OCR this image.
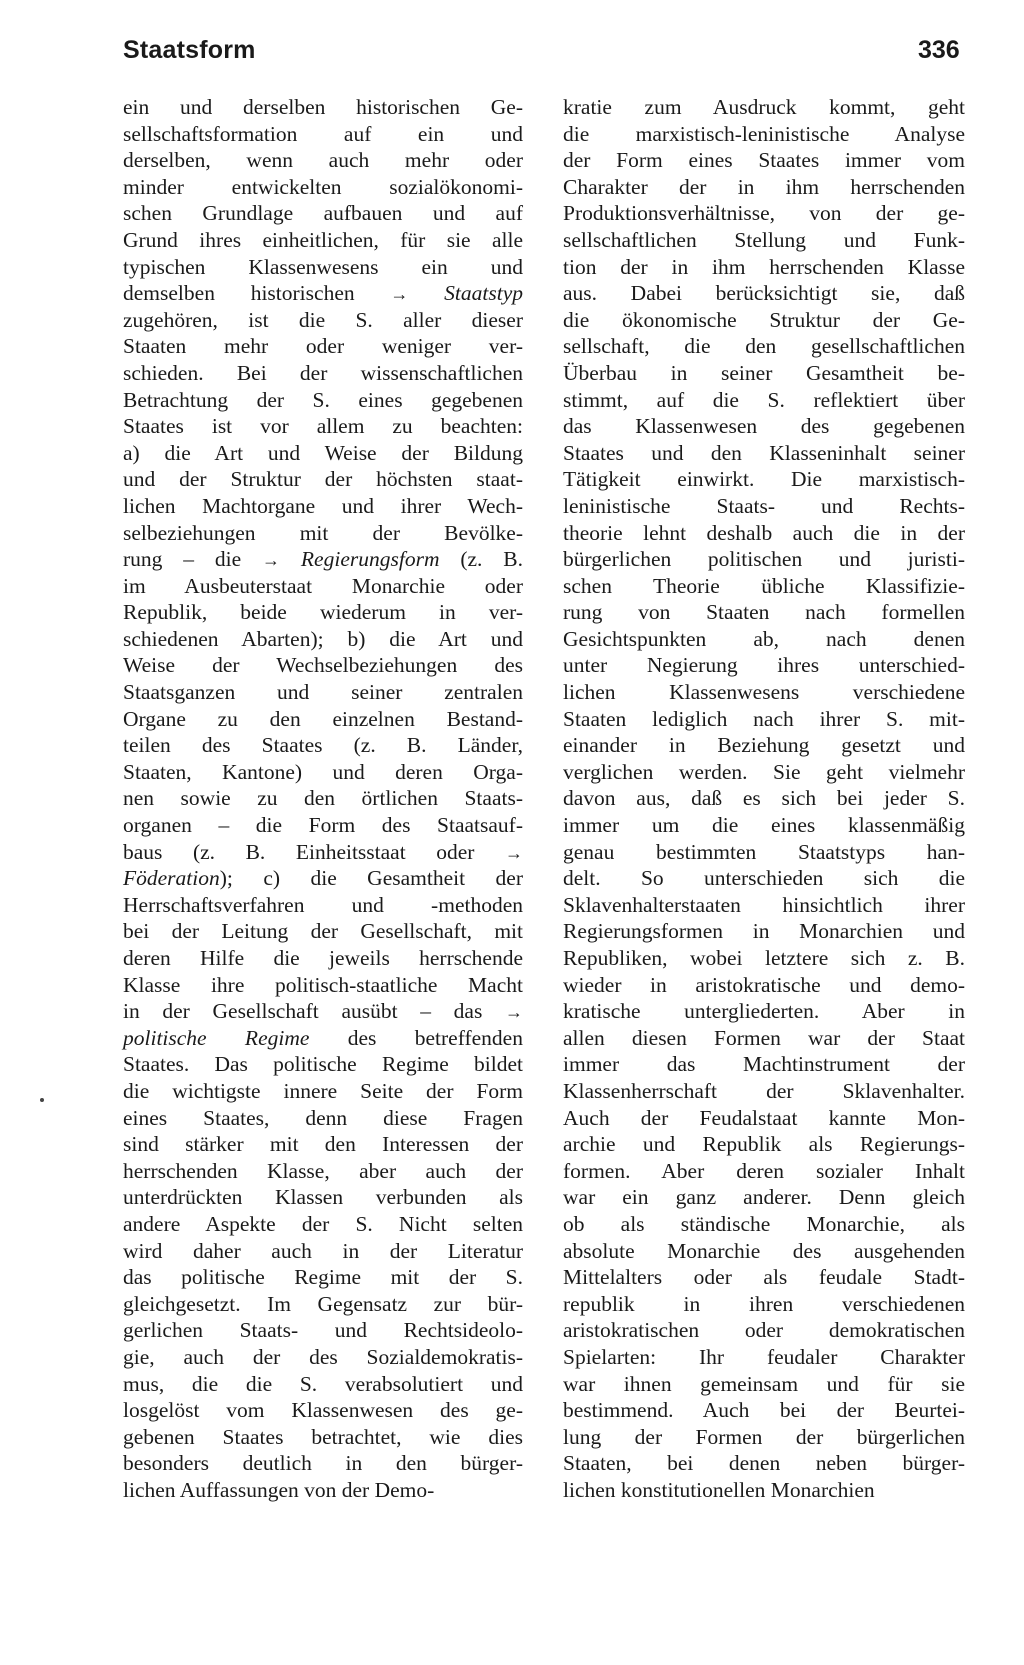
Staatsform	336
ein und derselben historischen Ge-
sellschaftsformation auf ein und
derselben, wenn auch mehr oder
minder entwickelten sozialökonomi-
schen Grundlage aufbauen und auf
Grund ihres einheitlichen, für sie alle
typischen Klassenwesens ein und
demselben historischen → Staatstyp
zugehören, ist die S. aller dieser
Staaten mehr oder weniger ver-
schieden. Bei der wissenschaftlichen
Betrachtung der S. eines gegebenen
Staates ist vor allem zu beachten:
a) die Art und Weise der Bildung
und der Struktur der höchsten staat-
lichen Machtorgane und ihrer Wech-
selbeziehungen mit der Bevölke-
rung – die → Regierungsform (z. B.
im Ausbeuterstaat Monarchie oder
Republik, beide wiederum in ver-
schiedenen Abarten); b) die Art und
Weise der Wechselbeziehungen des
Staatsganzen und seiner zentralen
Organe zu den einzelnen Bestand-
teilen des Staates (z. B. Länder,
Staaten, Kantone) und deren Orga-
nen sowie zu den örtlichen Staats-
organen – die Form des Staatsauf-
baus (z. B. Einheitsstaat oder →
Föderation); c) die Gesamtheit der
Herrschaftsverfahren und -methoden
bei der Leitung der Gesellschaft, mit
deren Hilfe die jeweils herrschende
Klasse ihre politisch-staatliche Macht
in der Gesellschaft ausübt – das →
politische Regime des betreffenden
Staates. Das politische Regime bildet
die wichtigste innere Seite der Form
eines Staates, denn diese Fragen
sind stärker mit den Interessen der
herrschenden Klasse, aber auch der
unterdrückten Klassen verbunden als
andere Aspekte der S. Nicht selten
wird daher auch in der Literatur
das politische Regime mit der S.
gleichgesetzt. Im Gegensatz zur bür-
gerlichen Staats- und Rechtsideolo-
gie, auch der des Sozialdemokratis-
mus, die die S. verabsolutiert und
losgelöst vom Klassenwesen des ge-
gebenen Staates betrachtet, wie dies
besonders deutlich in den bürger-
lichen Auffassungen von der Demo-
kratie zum Ausdruck kommt, geht
die marxistisch-leninistische Analyse
der Form eines Staates immer vom
Charakter der in ihm herrschenden
Produktionsverhältnisse, von der ge-
sellschaftlichen Stellung und Funk-
tion der in ihm herrschenden Klasse
aus. Dabei berücksichtigt sie, daß
die ökonomische Struktur der Ge-
sellschaft, die den gesellschaftlichen
Überbau in seiner Gesamtheit be-
stimmt, auf die S. reflektiert über
das Klassenwesen des gegebenen
Staates und den Klasseninhalt seiner
Tätigkeit einwirkt. Die marxistisch-
leninistische Staats- und Rechts-
theorie lehnt deshalb auch die in der
bürgerlichen politischen und juristi-
schen Theorie übliche Klassifizie-
rung von Staaten nach formellen
Gesichtspunkten ab, nach denen
unter Negierung ihres unterschied-
lichen Klassenwesens verschiedene
Staaten lediglich nach ihrer S. mit-
einander in Beziehung gesetzt und
verglichen werden. Sie geht vielmehr
davon aus, daß es sich bei jeder S.
immer um die eines klassenmäßig
genau bestimmten Staatstyps han-
delt. So unterschieden sich die
Sklavenhalterstaaten hinsichtlich ihrer
Regierungsformen in Monarchien und
Republiken, wobei letztere sich z. B.
wieder in aristokratische und demo-
kratische untergliederten. Aber in
allen diesen Formen war der Staat
immer das Machtinstrument der
Klassenherrschaft der Sklavenhalter.
Auch der Feudalstaat kannte Mon-
archie und Republik als Regierungs-
formen. Aber deren sozialer Inhalt
war ein ganz anderer. Denn gleich
ob als ständische Monarchie, als
absolute Monarchie des ausgehenden
Mittelalters oder als feudale Stadt-
republik in ihren verschiedenen
aristokratischen oder demokratischen
Spielarten: Ihr feudaler Charakter
war ihnen gemeinsam und für sie
bestimmend. Auch bei der Beurtei-
lung der Formen der bürgerlichen
Staaten, bei denen neben bürger-
lichen konstitutionellen Monarchien
